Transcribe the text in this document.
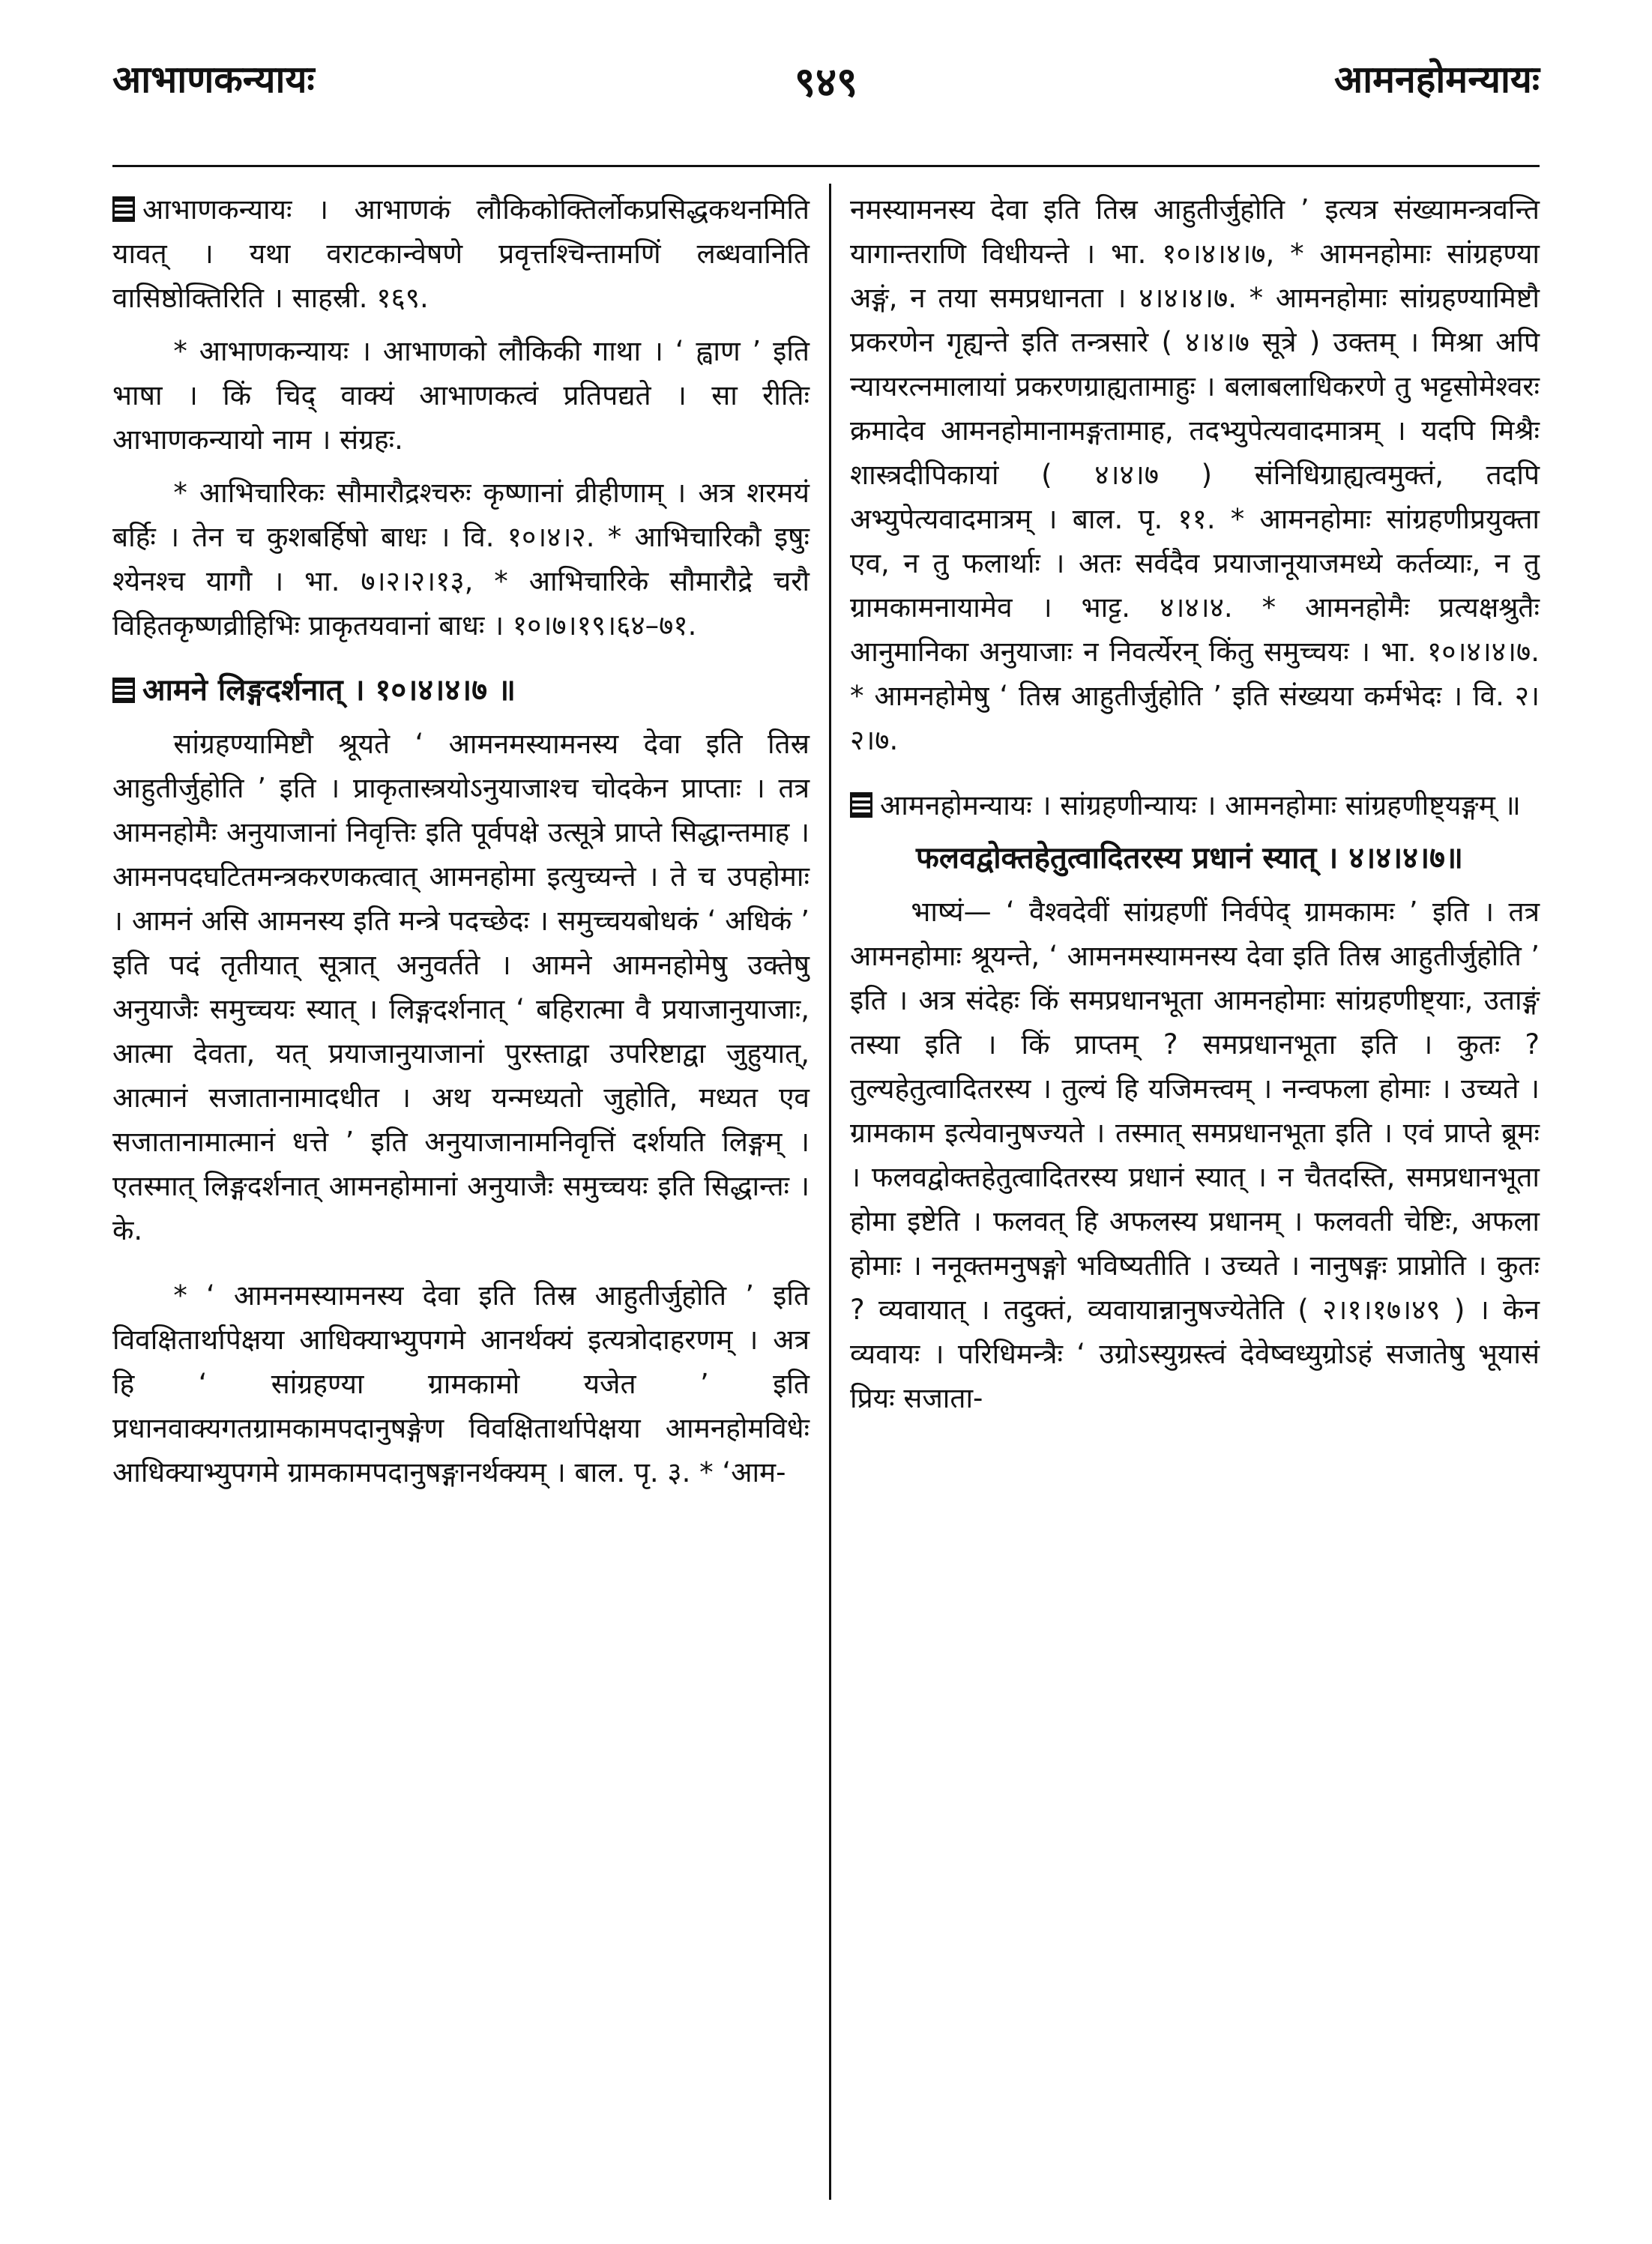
आभाणकन्यायः	९४९	आमनहोमन्यायः

आभाणकन्यायः । आभाणकं लौकिकोक्तिर्लोकप्रसिद्धकथनमिति यावत् । यथा वराटकान्वेषणे प्रवृत्तश्चिन्तामणिं लब्धवानिति वासिष्ठोक्तिरिति । साहस्री. १६९.

* आभाणकन्यायः । आभाणको लौकिकी गाथा । ‘ ह्वाण ’ इति भाषा । किं चिद् वाक्यं आभाणकत्वं प्रतिपद्यते । सा रीतिः आभाणकन्यायो नाम । संग्रहः.

* आभिचारिकः सौमारौद्रश्चरुः कृष्णानां व्रीहीणाम् । अत्र शरमयं बर्हिः । तेन च कुशबर्हिषो बाधः । वि. १०।४।२. * आभिचारिकौ इषुः श्येनश्च यागौ । भा. ७।२।२।१३, * आभिचारिके सौमारौद्रे चरौ विहितकृष्णव्रीहिभिः प्राकृतयवानां बाधः । १०।७।१९।६४–७१.

आमने लिङ्गदर्शनात् । १०।४।४।७ ॥

सांग्रहण्यामिष्टौ श्रूयते ‘ आमनमस्यामनस्य देवा इति तिस्र आहुतीर्जुहोति ’ इति । प्राकृतास्त्रयोऽनुयाजाश्च चोदकेन प्राप्ताः । तत्र आमनहोमैः अनुयाजानां निवृत्तिः इति पूर्वपक्षे उत्सूत्रे प्राप्ते सिद्धान्तमाह । आमनपदघटितमन्त्रकरणकत्वात् आमनहोमा इत्युच्यन्ते । ते च उपहोमाः । आमनं असि आमनस्य इति मन्त्रे पदच्छेदः । समुच्चयबोधकं ‘ अधिकं ’ इति पदं तृतीयात् सूत्रात् अनुवर्तते । आमने आमनहोमेषु उक्तेषु अनुयाजैः समुच्चयः स्यात् । लिङ्गदर्शनात् ‘ बहिरात्मा वै प्रयाजानुयाजाः, आत्मा देवता, यत् प्रयाजानुयाजानां पुरस्ताद्वा उपरिष्टाद्वा जुहुयात्, आत्मानं सजातानामादधीत । अथ यन्मध्यतो जुहोति, मध्यत एव सजातानामात्मानं धत्ते ’ इति अनुयाजानामनिवृत्तिं दर्शयति लिङ्गम् । एतस्मात् लिङ्गदर्शनात् आमनहोमानां अनुयाजैः समुच्चयः इति सिद्धान्तः । के.

* ‘ आमनमस्यामनस्य देवा इति तिस्र आहुतीर्जुहोति ’ इति विवक्षितार्थापेक्षया आधिक्याभ्युपगमे आनर्थक्यं इत्यत्रोदाहरणम् । अत्र हि ‘ सांग्रहण्या ग्रामकामो यजेत ’ इति प्रधानवाक्यगतग्रामकामपदानुषङ्गेण विवक्षितार्थापेक्षया आमनहोमविधेः आधिक्याभ्युपगमे ग्रामकामपदानुषङ्गानर्थक्यम् । बाल. पृ. ३. * ‘आम-

नमस्यामनस्य देवा इति तिस्र आहुतीर्जुहोति ’ इत्यत्र संख्यामन्त्रवन्ति यागान्तराणि विधीयन्ते । भा. १०।४।४।७, * आमनहोमाः सांग्रहण्या अङ्गं, न तया समप्रधानता । ४।४।४।७. * आमनहोमाः सांग्रहण्यामिष्टौ प्रकरणेन गृह्यन्ते इति तन्त्रसारे ( ४।४।७ सूत्रे ) उक्तम् । मिश्रा अपि न्यायरत्नमालायां प्रकरणग्राह्यतामाहुः । बलाबलाधिकरणे तु भट्टसोमेश्वरः क्रमादेव आमनहोमानामङ्गतामाह, तदभ्युपेत्यवादमात्रम् । यदपि मिश्रैः शास्त्रदीपिकायां ( ४।४।७ ) संनिधिग्राह्यत्वमुक्तं, तदपि अभ्युपेत्यवादमात्रम् । बाल. पृ. ११. * आमनहोमाः सांग्रहणीप्रयुक्ता एव, न तु फलार्थाः । अतः सर्वदैव प्रयाजानूयाजमध्ये कर्तव्याः, न तु ग्रामकामनायामेव । भाट्ट. ४।४।४. * आमनहोमैः प्रत्यक्षश्रुतैः आनुमानिका अनुयाजाः न निवर्त्येरन् किंतु समुच्चयः । भा. १०।४।४।७. * आमनहोमेषु ‘ तिस्र आहुतीर्जुहोति ’ इति संख्यया कर्मभेदः । वि. २।२।७.

आमनहोमन्यायः । सांग्रहणीन्यायः । आमनहोमाः सांग्रहणीष्ट्यङ्गम् ॥

फलवद्वोक्तहेतुत्वादितरस्य प्रधानं स्यात् । ४।४।४।७॥

भाष्यं— ‘ वैश्वदेवीं सांग्रहणीं निर्वपेद् ग्रामकामः ’ इति । तत्र आमनहोमाः श्रूयन्ते, ‘ आमनमस्यामनस्य देवा इति तिस्र आहुतीर्जुहोति ’ इति । अत्र संदेहः किं समप्रधानभूता आमनहोमाः सांग्रहणीष्ट्याः, उताङ्गं तस्या इति । किं प्राप्तम् ? समप्रधानभूता इति । कुतः ? तुल्यहेतुत्वादितरस्य । तुल्यं हि यजिमत्त्वम् । नन्वफला होमाः । उच्यते । ग्रामकाम इत्येवानुषज्यते । तस्मात् समप्रधानभूता इति । एवं प्राप्ते ब्रूमः । फलवद्वोक्तहेतुत्वादितरस्य प्रधानं स्यात् । न चैतदस्ति, समप्रधानभूता होमा इष्टेति । फलवत् हि अफलस्य प्रधानम् । फलवती चेष्टिः, अफला होमाः । ननूक्तमनुषङ्गो भविष्यतीति । उच्यते । नानुषङ्गः प्राप्नोति । कुतः ? व्यवायात् । तदुक्तं, व्यवायान्नानुषज्येतेति ( २।१।१७।४९ ) । केन व्यवायः । परिधिमन्त्रैः ‘ उग्रोऽस्युग्रस्त्वं देवेष्वध्युग्रोऽहं सजातेषु भूयासं प्रियः सजाता-
